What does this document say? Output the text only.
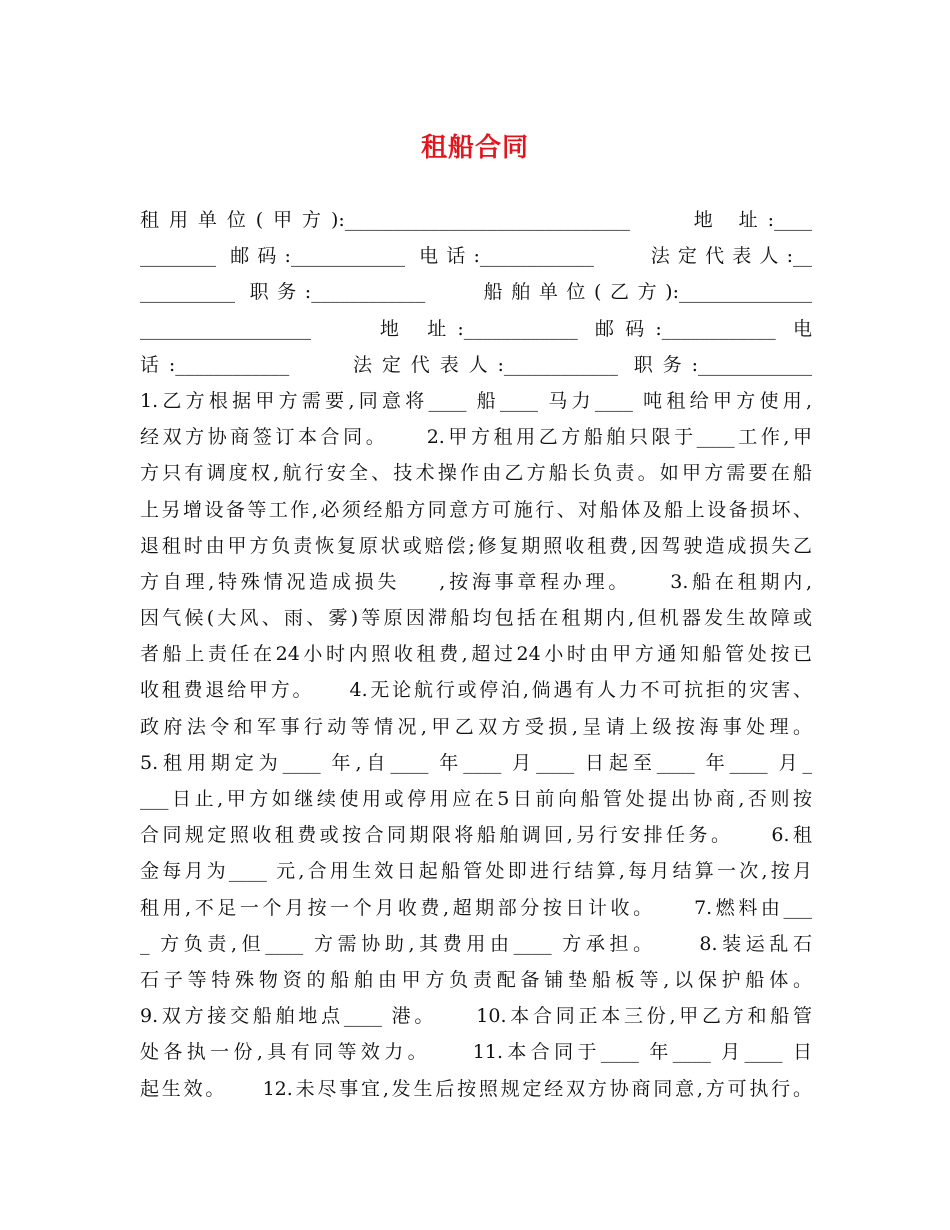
租船合同
租用单位(甲方):______________________________    地 址:____
________ 邮码:____________ 电话:____________    法定代表人:__
__________ 职务:____________    船舶单位(乙方):______________
__________________    地 址:____________ 邮码:____________ 电
话:____________    法定代表人:____________ 职务:____________
1.乙方根据甲方需要,同意将____ 船____ 马力____ 吨租给甲方使用,
经双方协商签订本合同。    2.甲方租用乙方船舶只限于____工作,甲
方只有调度权,航行安全、技术操作由乙方船长负责。如甲方需要在船
上另增设备等工作,必须经船方同意方可施行、对船体及船上设备损坏、
退租时由甲方负责恢复原状或赔偿;修复期照收租费,因驾驶造成损失乙
方自理,特殊情况造成损失    ,按海事章程办理。    3.船在租期内,
因气候(大风、雨、雾)等原因滞船均包括在租期内,但机器发生故障或
者船上责任在24小时内照收租费,超过24小时由甲方通知船管处按已
收租费退给甲方。    4.无论航行或停泊,倘遇有人力不可抗拒的灾害、
政府法令和军事行动等情况,甲乙双方受损,呈请上级按海事处理。
5.租用期定为____ 年,自____ 年____ 月____ 日起至____ 年____ 月_
___日止,甲方如继续使用或停用应在5日前向船管处提出协商,否则按
合同规定照收租费或按合同期限将船舶调回,另行安排任务。    6.租
金每月为____ 元,合用生效日起船管处即进行结算,每月结算一次,按月
租用,不足一个月按一个月收费,超期部分按日计收。    7.燃料由___
_ 方负责,但____ 方需协助,其费用由____ 方承担。    8.装运乱石
石子等特殊物资的船舶由甲方负责配备铺垫船板等,以保护船体。
9.双方接交船舶地点____ 港。    10.本合同正本三份,甲乙方和船管
处各执一份,具有同等效力。    11.本合同于____ 年____ 月____ 日
起生效。    12.未尽事宜,发生后按照规定经双方协商同意,方可执行。
